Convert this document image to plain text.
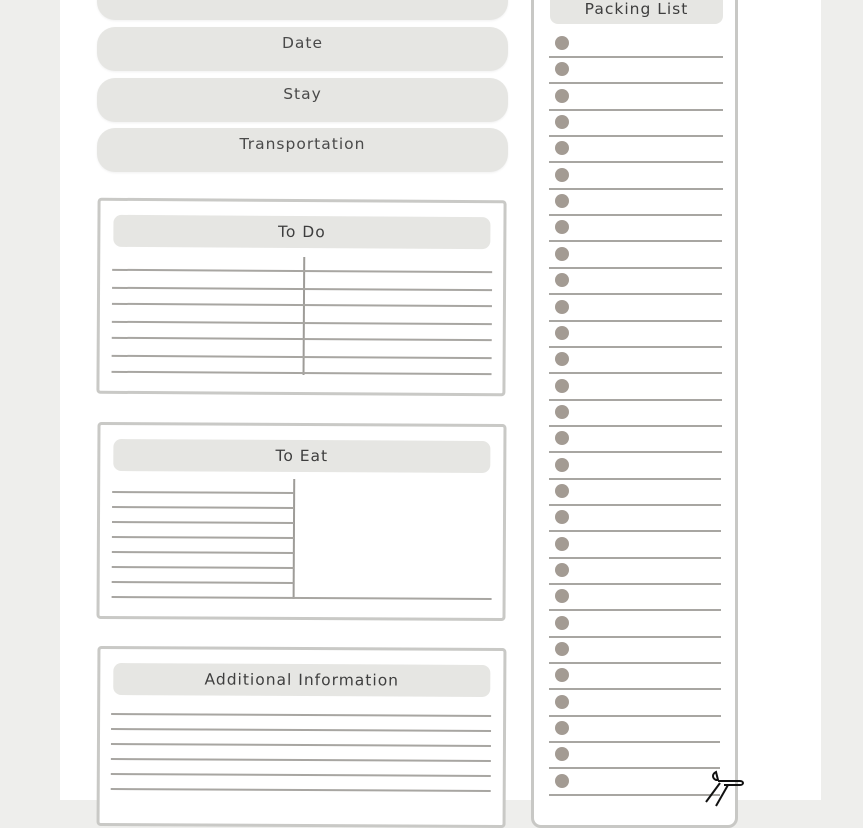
Date
Stay
Transportation
To Do
To Eat
Additional Information
Packing List
